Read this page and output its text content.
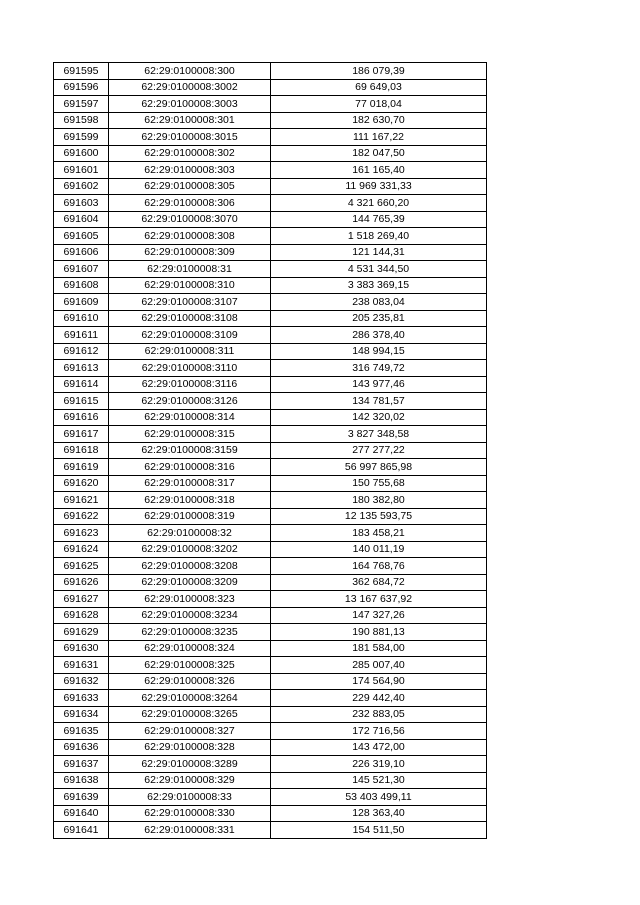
691595	62:29:0100008:300	186 079,39
691596	62:29:0100008:3002	69 649,03
691597	62:29:0100008:3003	77 018,04
691598	62:29:0100008:301	182 630,70
691599	62:29:0100008:3015	111 167,22
691600	62:29:0100008:302	182 047,50
691601	62:29:0100008:303	161 165,40
691602	62:29:0100008:305	11 969 331,33
691603	62:29:0100008:306	4 321 660,20
691604	62:29:0100008:3070	144 765,39
691605	62:29:0100008:308	1 518 269,40
691606	62:29:0100008:309	121 144,31
691607	62:29:0100008:31	4 531 344,50
691608	62:29:0100008:310	3 383 369,15
691609	62:29:0100008:3107	238 083,04
691610	62:29:0100008:3108	205 235,81
691611	62:29:0100008:3109	286 378,40
691612	62:29:0100008:311	148 994,15
691613	62:29:0100008:3110	316 749,72
691614	62:29:0100008:3116	143 977,46
691615	62:29:0100008:3126	134 781,57
691616	62:29:0100008:314	142 320,02
691617	62:29:0100008:315	3 827 348,58
691618	62:29:0100008:3159	277 277,22
691619	62:29:0100008:316	56 997 865,98
691620	62:29:0100008:317	150 755,68
691621	62:29:0100008:318	180 382,80
691622	62:29:0100008:319	12 135 593,75
691623	62:29:0100008:32	183 458,21
691624	62:29:0100008:3202	140 011,19
691625	62:29:0100008:3208	164 768,76
691626	62:29:0100008:3209	362 684,72
691627	62:29:0100008:323	13 167 637,92
691628	62:29:0100008:3234	147 327,26
691629	62:29:0100008:3235	190 881,13
691630	62:29:0100008:324	181 584,00
691631	62:29:0100008:325	285 007,40
691632	62:29:0100008:326	174 564,90
691633	62:29:0100008:3264	229 442,40
691634	62:29:0100008:3265	232 883,05
691635	62:29:0100008:327	172 716,56
691636	62:29:0100008:328	143 472,00
691637	62:29:0100008:3289	226 319,10
691638	62:29:0100008:329	145 521,30
691639	62:29:0100008:33	53 403 499,11
691640	62:29:0100008:330	128 363,40
691641	62:29:0100008:331	154 511,50
